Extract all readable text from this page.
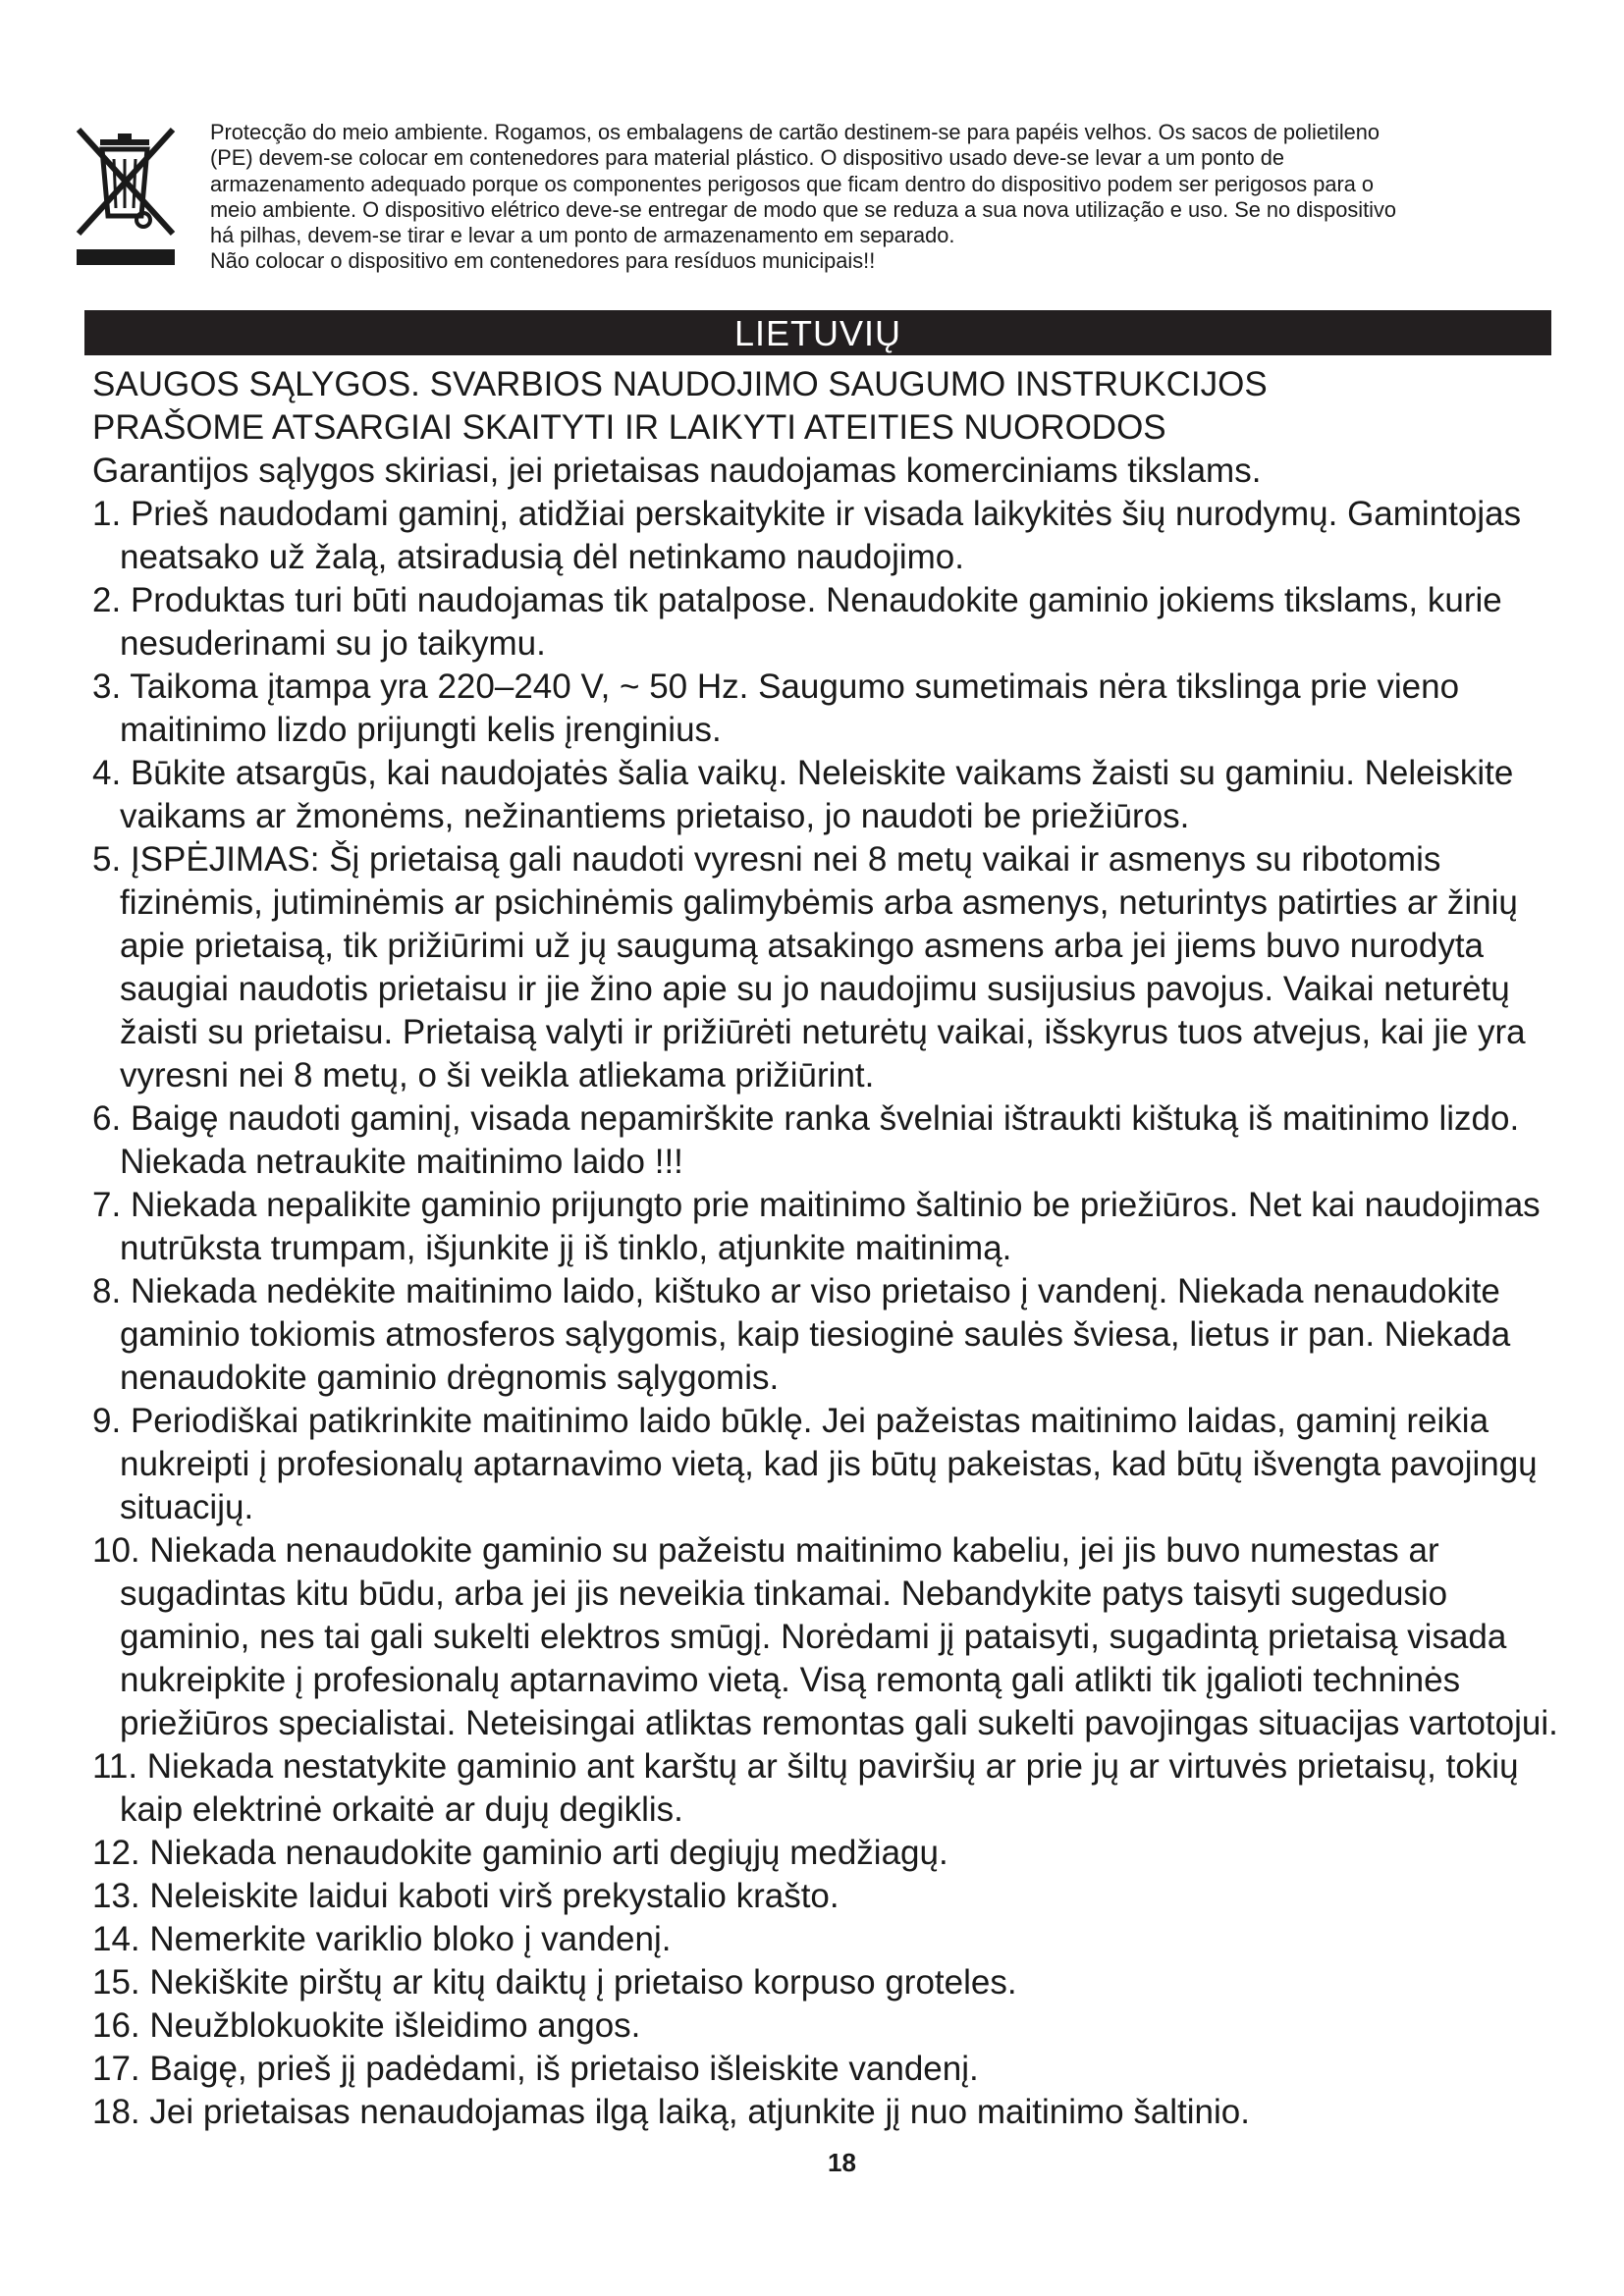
Protecção do meio ambiente. Rogamos, os embalagens de cartão destinem-se para papéis velhos. Os sacos de polietileno
(PE) devem-se colocar em contenedores para material plástico. O dispositivo usado deve-se levar a um ponto de
armazenamento adequado porque os componentes perigosos que ficam dentro do dispositivo podem ser perigosos para o
meio ambiente. O dispositivo elétrico deve-se entregar de modo que se reduza a sua nova utilização e uso. Se no dispositivo
há pilhas, devem-se tirar e levar a um ponto de armazenamento em separado.
Não colocar o dispositivo em contenedores para resíduos municipais!!

LIETUVIŲ

SAUGOS SĄLYGOS. SVARBIOS NAUDOJIMO SAUGUMO INSTRUKCIJOS

PRAŠOME ATSARGIAI SKAITYTI IR LAIKYTI ATEITIES NUORODOS

Garantijos sąlygos skiriasi, jei prietaisas naudojamas komerciniams tikslams.

1. Prieš naudodami gaminį, atidžiai perskaitykite ir visada laikykitės šių nurodymų. Gamintojas neatsako už žalą, atsiradusią dėl netinkamo naudojimo.
2. Produktas turi būti naudojamas tik patalpose. Nenaudokite gaminio jokiems tikslams, kurie nesuderinami su jo taikymu.
3. Taikoma įtampa yra 220–240 V, ~ 50 Hz. Saugumo sumetimais nėra tikslinga prie vieno maitinimo lizdo prijungti kelis įrenginius.
4. Būkite atsargūs, kai naudojatės šalia vaikų. Neleiskite vaikams žaisti su gaminiu. Neleiskite vaikams ar žmonėms, nežinantiems prietaiso, jo naudoti be priežiūros.
5. ĮSPĖJIMAS: Šį prietaisą gali naudoti vyresni nei 8 metų vaikai ir asmenys su ribotomis fizinėmis, jutiminėmis ar psichinėmis galimybėmis arba asmenys, neturintys patirties ar žinių apie prietaisą, tik prižiūrimi už jų saugumą atsakingo asmens arba jei jiems buvo nurodyta saugiai naudotis prietaisu ir jie žino apie su jo naudojimu susijusius pavojus. Vaikai neturėtų žaisti su prietaisu. Prietaisą valyti ir prižiūrėti neturėtų vaikai, išskyrus tuos atvejus, kai jie yra vyresni nei 8 metų, o ši veikla atliekama prižiūrint.
6. Baigę naudoti gaminį, visada nepamirškite ranka švelniai ištraukti kištuką iš maitinimo lizdo. Niekada netraukite maitinimo laido !!!
7. Niekada nepalikite gaminio prijungto prie maitinimo šaltinio be priežiūros. Net kai naudojimas nutrūksta trumpam, išjunkite jį iš tinklo, atjunkite maitinimą.
8. Niekada nedėkite maitinimo laido, kištuko ar viso prietaiso į vandenį. Niekada nenaudokite gaminio tokiomis atmosferos sąlygomis, kaip tiesioginė saulės šviesa, lietus ir pan. Niekada nenaudokite gaminio drėgnomis sąlygomis.
9. Periodiškai patikrinkite maitinimo laido būklę. Jei pažeistas maitinimo laidas, gaminį reikia nukreipti į profesionalų aptarnavimo vietą, kad jis būtų pakeistas, kad būtų išvengta pavojingų situacijų.
10. Niekada nenaudokite gaminio su pažeistu maitinimo kabeliu, jei jis buvo numestas ar sugadintas kitu būdu, arba jei jis neveikia tinkamai. Nebandykite patys taisyti sugedusio gaminio, nes tai gali sukelti elektros smūgį. Norėdami jį pataisyti, sugadintą prietaisą visada nukreipkite į profesionalų aptarnavimo vietą. Visą remontą gali atlikti tik įgalioti techninės priežiūros specialistai. Neteisingai atliktas remontas gali sukelti pavojingas situacijas vartotojui.
11. Niekada nestatykite gaminio ant karštų ar šiltų paviršių ar prie jų ar virtuvės prietaisų, tokių kaip elektrinė orkaitė ar dujų degiklis.
12. Niekada nenaudokite gaminio arti degiųjų medžiagų.
13. Neleiskite laidui kaboti virš prekystalio krašto.
14. Nemerkite variklio bloko į vandenį.
15. Nekiškite pirštų ar kitų daiktų į prietaiso korpuso groteles.
16. Neužblokuokite išleidimo angos.
17. Baigę, prieš jį padėdami, iš prietaiso išleiskite vandenį.
18. Jei prietaisas nenaudojamas ilgą laiką, atjunkite jį nuo maitinimo šaltinio.
18
